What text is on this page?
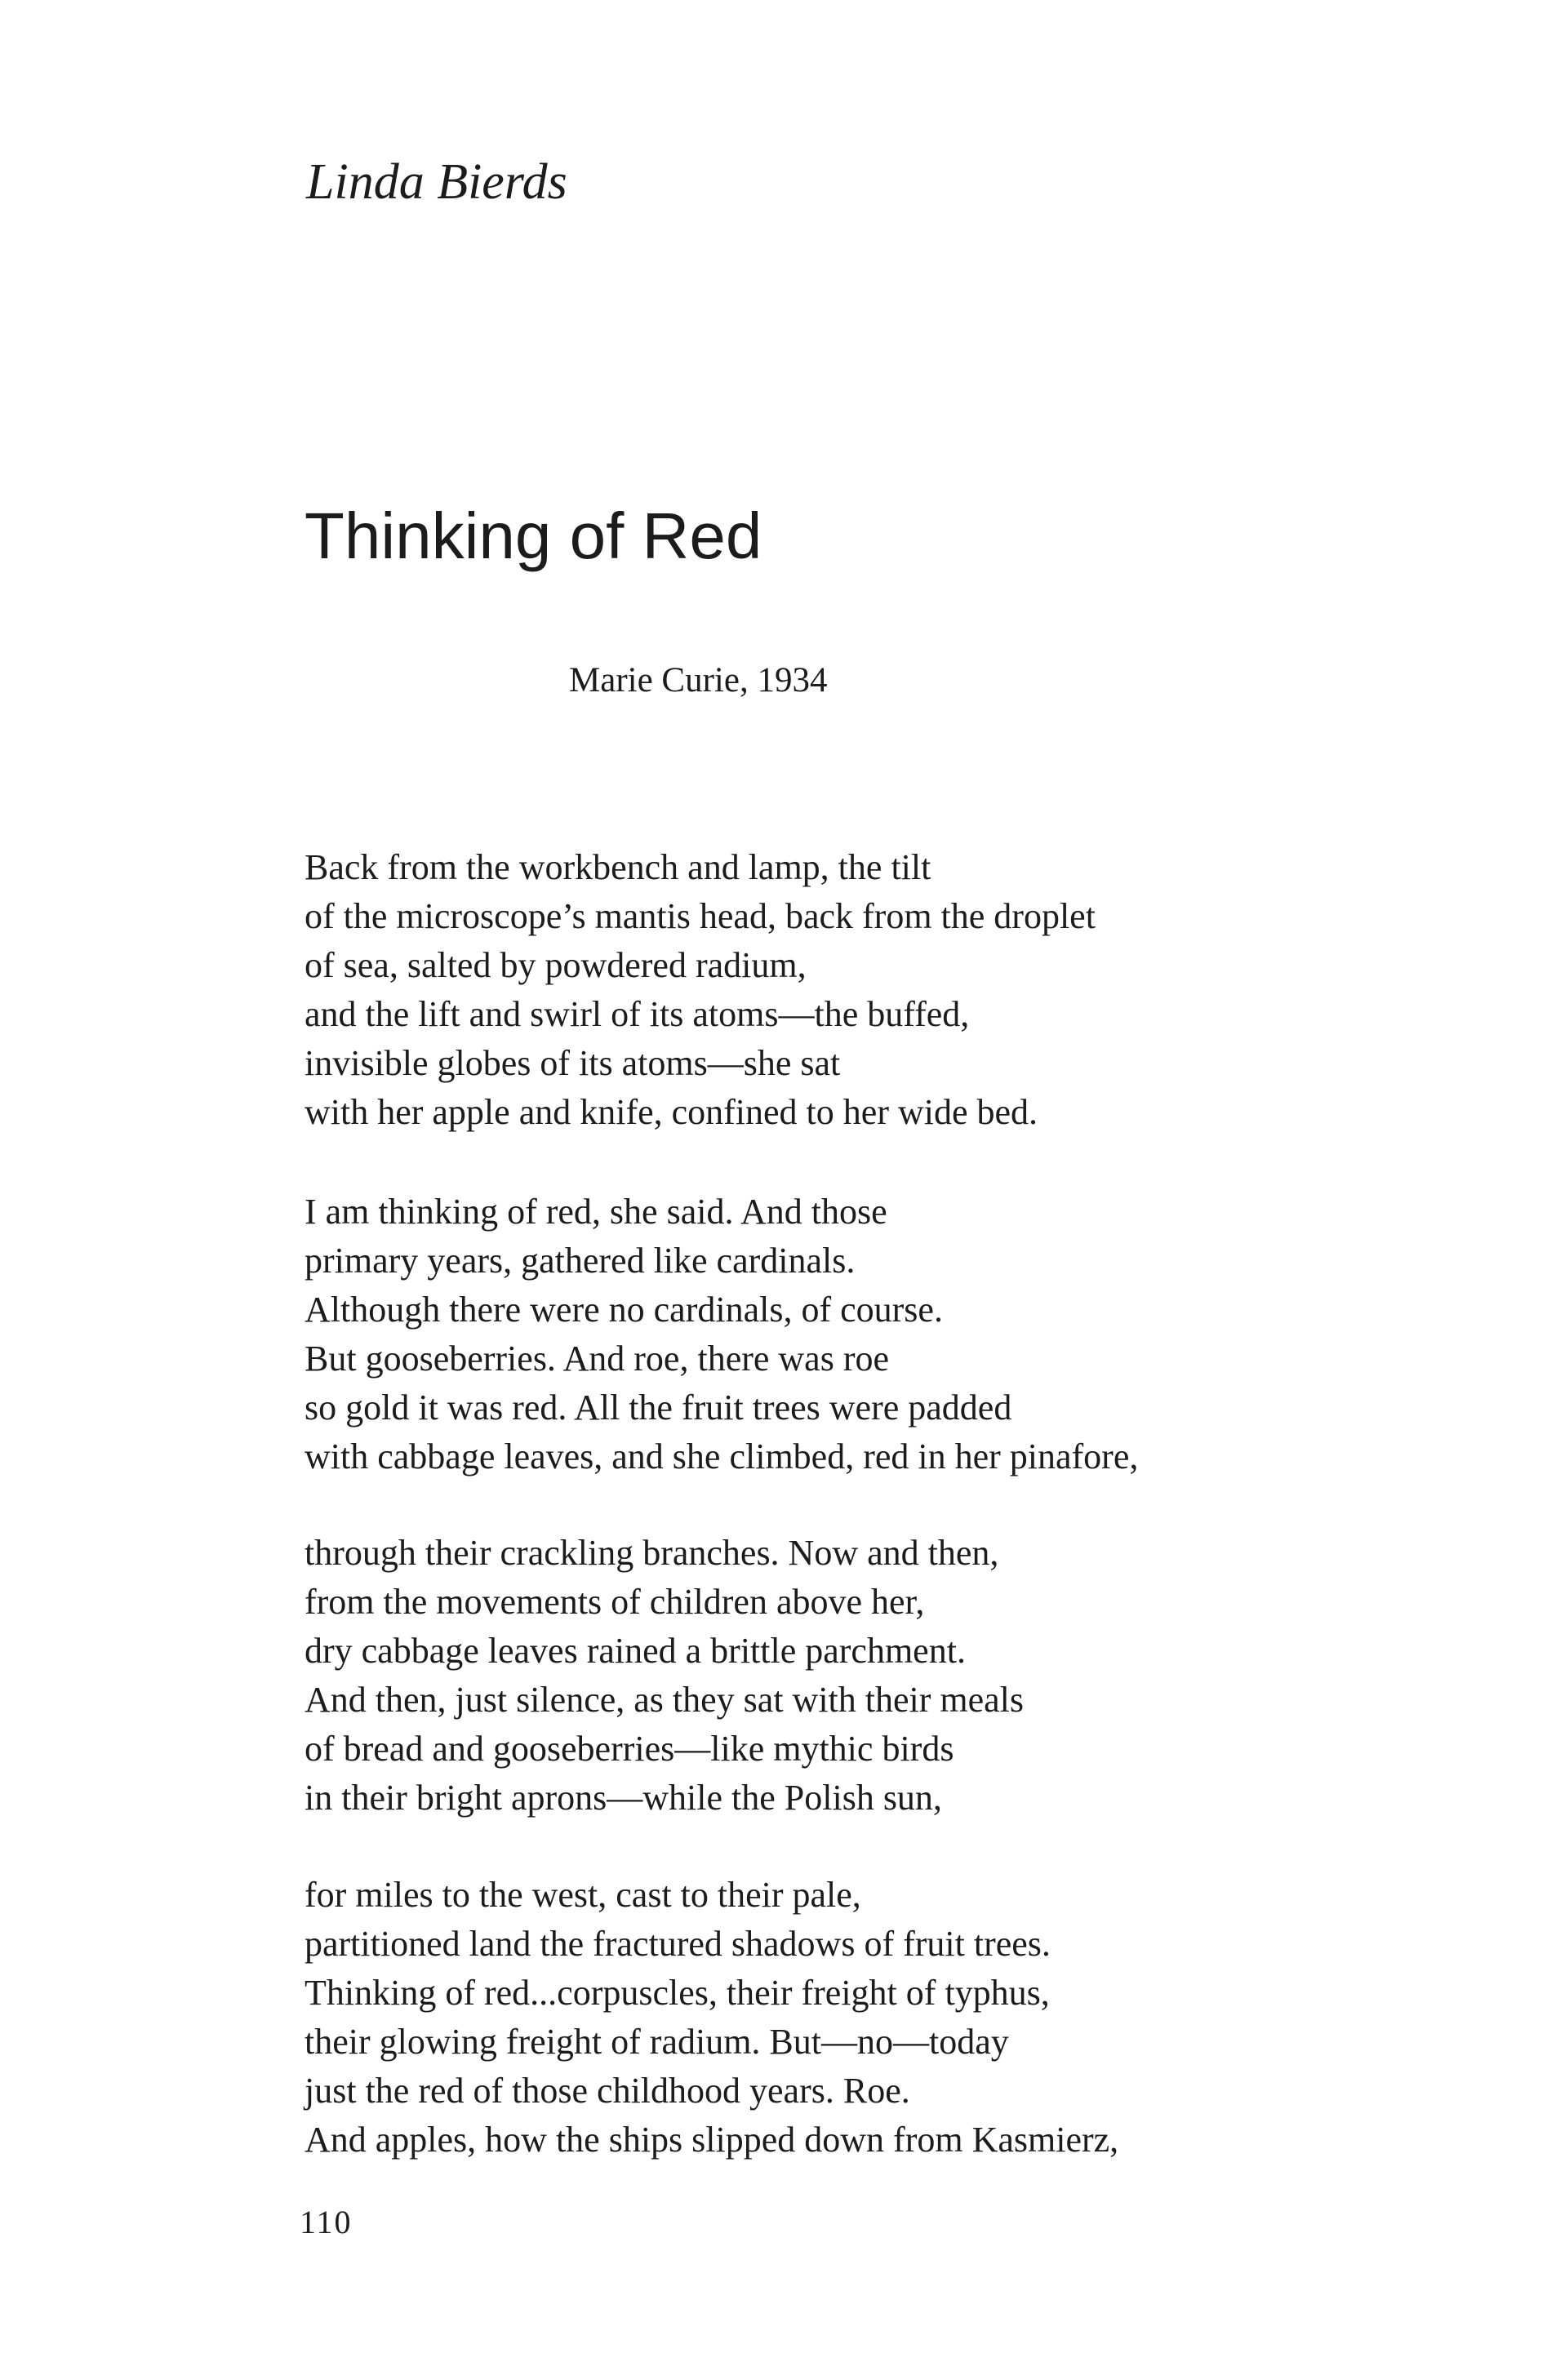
Linda Bierds
Thinking of Red
Marie Curie, 1934
Back from the workbench and lamp, the tilt
of the microscope’s mantis head, back from the droplet
of sea, salted by powdered radium,
and the lift and swirl of its atoms—the buffed,
invisible globes of its atoms—she sat
with her apple and knife, confined to her wide bed.
I am thinking of red, she said. And those
primary years, gathered like cardinals.
Although there were no cardinals, of course.
But gooseberries. And roe, there was roe
so gold it was red. All the fruit trees were padded
with cabbage leaves, and she climbed, red in her pinafore,
through their crackling branches. Now and then,
from the movements of children above her,
dry cabbage leaves rained a brittle parchment.
And then, just silence, as they sat with their meals
of bread and gooseberries—like mythic birds
in their bright aprons—while the Polish sun,
for miles to the west, cast to their pale,
partitioned land the fractured shadows of fruit trees.
Thinking of red...corpuscles, their freight of typhus,
their glowing freight of radium. But—no—today
just the red of those childhood years. Roe.
And apples, how the ships slipped down from Kasmierz,
110
